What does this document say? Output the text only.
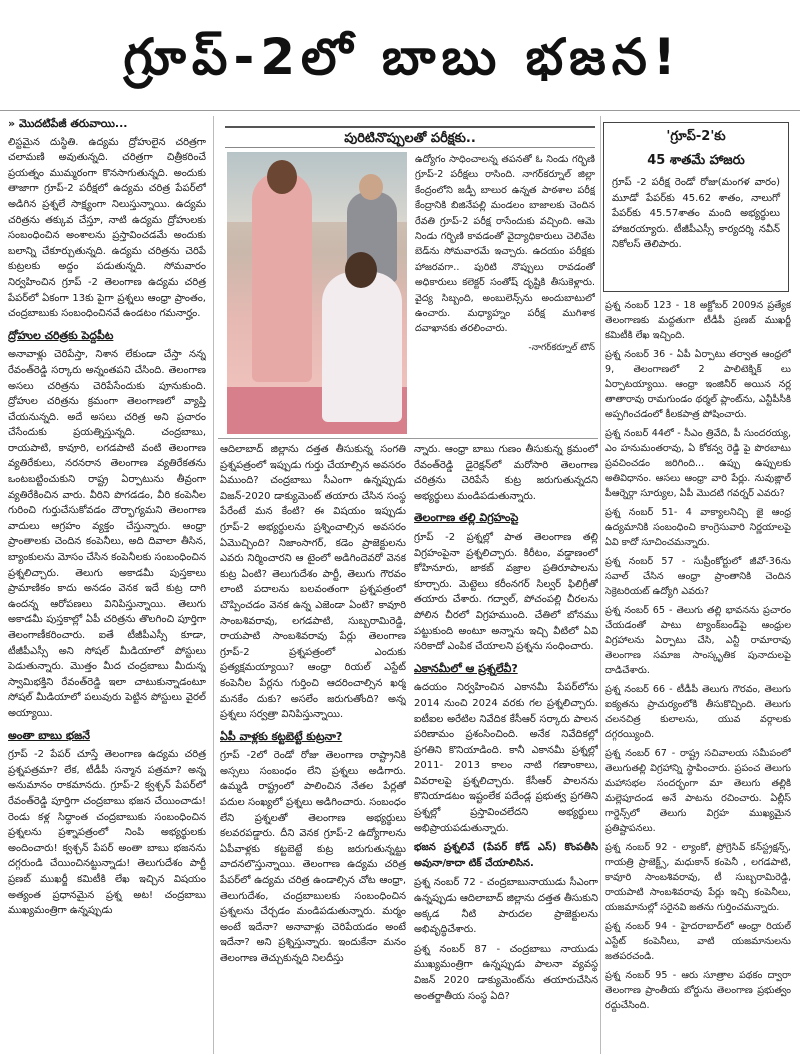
గ్రూప్-2లో బాబు భజన!
» మొదటిపేజీ తరువాయి...

లిస్టమైన దుస్థితి. ఉద్యమ ద్రోహులైన చరిత్రగా చలామణి అవుతున్నది. చరిత్రగా చిత్రీకరించే ప్రయత్నం ముమ్మరంగా కొనసాగుతున్నది. అందుకు తాజాగా గ్రూప్-2 పరీక్షలో ఉద్యమ చరిత్ర పేపర్‌లో అడిగిన ప్రశ్నలే సాక్ష్యంగా నిలుస్తున్నాయి. ఉద్యమ చరిత్రను తక్కువ చేస్తూ, నాటి ఉద్యమ ద్రోహులకు సంబంధించిన అంశాలను ప్రస్తావించడమే అందుకు బలాన్ని చేకూర్చుతున్నది. ఉద్యమ చరిత్రను చెరిపే కుట్రలకు అద్దం పడుతున్నది. సోమవారం నిర్వహించిన గ్రూప్ -2 తెలంగాణ ఉద్యమ చరిత్ర పేపర్‌లో ఏకంగా 13కు పైగా ప్రశ్నలు ఆంధ్రా ప్రాంతం, చంద్రబాబుకు సంబంధించినవే ఉండటం గమనార్హం.

ద్రోహుల చరిత్రకు పెద్దపీట

అనావాళ్లు చెరిపేస్తా, నిశాన లేకుండా చేస్తా నన్న రేవంత్‌రెడ్డి సర్కారు అన్నంతపని చేసింది. తెలంగాణ అసలు చరిత్రను చెరిపేసేందుకు పూనుకుంది. ద్రోహుల చరిత్రను క్రమంగా తెలంగాణలో వ్యాప్తి చేయనున్నది. అదే అసలు చరిత్ర అని ప్రచారం చేసేందుకు ప్రయత్నిస్తున్నది. చంద్రబాబు, రాయపాటి, కావూరి, లగడపాటి వంటి తెలంగాణ వ్యతిరేకులు, నరనరాన తెలంగాణ వ్యతిరేకతను ఒంటబట్టించుకుని రాష్ట్ర ఏర్పాటును తీవ్రంగా వ్యతిరేకించిన వారు. వీరిని పొగడడం, వీరి కంపెనీల గురించి గుర్తుచేసుకోవడం దౌర్భాగ్యమని తెలంగాణ వాదులు ఆగ్రహం వ్యక్తం చేస్తున్నారు. ఆంధ్రా ప్రాంతాలకు చెందిన కంపెనీలు, అది దివాలా తీసిన, బ్యాంకులను మోసం చేసిన కంపెనీలకు సంబంధించిన ప్రశ్నలిచ్చారు. తెలుగు అకాడమీ పుస్తకాలు ప్రామాణికం కాదు అనడం వెనక ఇదే కుట్ర దాగి ఉందన్న ఆరోపణలు వినిపిస్తున్నాయి. తెలుగు అకాడమీ పుస్తకాల్లో ఏపీ చరిత్రను తొలగించి పూర్తిగా తెలంగాణీకరించారు. ఐతే టీజీపీఎస్సీ కూడా, టీజీపీఎస్సీ అని సోషల్ మీడియాలో పోస్టులు పెడుతున్నారు. మొత్తం మీద చంద్రబాబు మీదున్న స్వామిభక్తిని రేవంత్‌రెడ్డి ఇలా చాటుకున్నాడంటూ సోషల్ మీడియాలో పలువురు పెట్టిన పోస్టులు వైరల్ అయ్యాయి.

అంతా బాబు భజనే

గ్రూప్ -2 పేపర్ చూస్తే తెలంగాణ ఉద్యమ చరిత్ర ప్రశ్నపత్రమా? లేక, టీడీపీ సన్మాన పత్రమా? అన్న అనుమానం రాకమానదు. గ్రూప్-2 క్వశ్చన్ పేపర్‌లో రేవంత్‌రెడ్డి పూర్తిగా చంద్రబాబు భజన చేయించాడు! రెండు కళ్ల సిద్ధాంత చంద్రబాబుకు సంబంధించిన ప్రశ్నలను ప్రశ్నాపత్రంలో నింపి అభ్యర్థులకు అందించారు! క్వశ్చన్ పేపర్ అంతా బాబు భజనను దగ్గరుండి చేయించినట్టున్నాడు! తెలుగుదేశం పార్టీ ప్రణబ్ ముఖర్జీ కమిటీకి లేఖ ఇచ్చిన విషయం అత్యంత ప్రధానమైన ప్రశ్న అట! చంద్రబాబు ముఖ్యమంత్రిగా ఉన్నప్పుడు

పురిటినొప్పులతో పరీక్షకు..

ఉద్యోగం సాధించాలన్న తపనతో ఓ నిండు గర్భిణి గ్రూప్-2 పరీక్షలు రాసింది. నాగర్‌కర్నూల్ జిల్లా కేంద్రంలోని జడ్పీ బాలుర ఉన్నత పాఠశాల పరీక్ష కేంద్రానికి బిజినేపల్లి మండలం బాజాలకు చెందిన రేవతి గ్రూప్-2 పరీక్ష రాసేందుకు వచ్చింది. ఆమె నిండు గర్భిణి కావడంతో వైద్యాధికారులు చెలివేట బెడ్‌ను సోమవారమే ఇచ్చారు. ఉదయం పరీక్షకు హాజరవగా.. పురిటి నొప్పులు రావడంతో అధికారులు కలెక్టర్ సంతోష్ దృష్టికి తీసుకెళ్లారు. వైద్య సిబ్బంది, అంబులెన్స్‌ను అందుబాటులో ఉంచారు. మధ్యాహ్నం పరీక్ష ముగిశాక దవాఖానకు తరలించారు.

-నాగర్‌కర్నూల్ టౌన్

ఆదిలాబాద్ జిల్లాను దత్తత తీసుకున్న సంగతి ప్రశ్నపత్రంలో ఇప్పుడు గుర్తు చేయాల్సిన అవసరం ఏముంది? చంద్రబాబు సీఎంగా ఉన్నప్పుడు విజన్-2020 డాక్యుమెంట్ తయారు చేసిన సంస్థ పేరేంటే మన కేంటి? ఈ విషయం ఇప్పుడు గ్రూప్-2 అభ్యర్థులను ప్రశ్నించాల్సిన అవసరం ఏమొచ్చింది? నిజాంసాగర్, కడెం ప్రాజెక్టులను ఎవరు నిర్మించారని ఆ టైంలో అడిగిందెవరో వెనక కుట్ర ఏంటి? తెలుగుదేశం పార్టీ, తెలుగు గౌరవం లాంటి పదాలను బలవంతంగా ప్రశ్నపత్రంలో చొప్పించడం వెనక ఉన్న ఎజెండా ఏంటి? కావూరి సాంబశివరావు, లగడపాటి, సుబ్బరామిరెడ్డి, రాయపాటి సాంబశివరావు పేర్లు తెలంగాణ గ్రూప్-2 ప్రశ్నపత్రంలో ఎందుకు ప్రత్యక్షమయ్యాయి? ఆంధ్రా రియల్ ఎస్టేట్ కంపెనీల పేర్లను గుర్తించి ఆదరించాల్సిన ఖర్మ మనకేం దుకు? అసలేం జరుగుతోంది? అన్న ప్రశ్నలు సర్వత్రా వినిపిస్తున్నాయి.

ఏపీ వాళ్లకు కట్టబెట్టే కుట్రనా?

గ్రూప్ -2లో రెండో రోజు తెలంగాణ రాష్ట్రానికి అస్సలు సంబంధం లేని ప్రశ్నలు అడిగారు. ఉమ్మడి రాష్ట్రంలో పాలించిన నేతల పేర్లతో పదుల సంఖ్యలో ప్రశ్నలు అడిగించారు. సంబంధం లేని ప్రశ్నలతో తెలంగాణ అభ్యర్థులు కలవరపడ్డారు. దీని వెనక గ్రూప్-2 ఉద్యోగాలను ఏపీవాళ్లకు కట్టబెట్టే కుట్ర జరుగుతున్నట్టు వాదనలొస్తున్నాయి. తెలంగాణ ఉద్యమ చరిత్ర పేపర్‌లో ఉద్యమ చరిత్ర ఉండాల్సిన చోట ఆంధ్రా, తెలుగుదేశం, చంద్రబాబులకు సంబంధించిన ప్రశ్నలను చేర్చడం మండిపడుతున్నారు. మర్మం అంటే ఇదేనా? అనావాళ్లు చెరిపేయడం అంటే ఇదేనా? అని ప్రశ్నిస్తున్నారు. ఇందుకేనా మనం తెలంగాణ తెచ్చుకున్నది నిలదీస్తు

న్నారు. ఆంధ్రా బాబు గుణం తీసుకున్న క్రమంలో రేవంత్‌రెడ్డి డైరెక్షన్‌లో మరోసారి తెలంగాణ చరిత్రను చెరిపేసే కుట్ర జరుగుతున్నదని అభ్యర్థులు మండిపడుతున్నారు.

తెలంగాణ తల్లి విగ్రహంపై

గ్రూప్ -2 ప్రశ్నల్లో పాత తెలంగాణ తల్లి విగ్రహంపైనా ప్రశ్నలిచ్చారు. కిరీటం, వడ్డాణంలో కోహినూరు, జాకబ్ వజ్రాల ప్రతిరూపాలను కూర్చారు. మెట్టెలు కరీంనగర్ సిల్వర్ ఫిలిగ్రీతో తయారు చేశారు. గద్వాల్, పోచంపల్లి చీరలను పోలిన చీరలో విగ్రహముంది. చేతిలో బోనము పట్టుకుంది అంటూ అన్నాను ఇచ్చి వీటిలో ఏవి సరికాదో ఎంపిక చేయాలని ప్రశ్నను సంధించారు.

ఎకానమీలో ఆ ప్రశ్నలేవీ?

ఉదయం నిర్వహించిన ఎకానమీ పేపర్‌లోను 2014 నుంచి 2024 వరకు గల ప్రశ్నలిచ్చారు. ఐటీఐల అరేటిల నివేదిక కేసీఆర్ సర్కారు పాలన పరిణామం ప్రశంసించింది. అనేక నివేదికల్లో ప్రగతిని కొనియాడింది. కానీ ఎకానమీ ప్రశ్నల్లో 2011- 2013 కాలం నాటి గణాంకాలు, వివరాలపై ప్రశ్నలిచ్చారు. కేసీఆర్ పాలనను కొనియాడటం ఇష్టంలేక పదేండ్ల ప్రభుత్వ ప్రగతిని ప్రశ్నల్లో ప్రస్తావించలేదని అభ్యర్థులు అభిప్రాయపడుతున్నారు.

భజన ప్రశ్నలివే (పేపర్ కోడ్ ఎస్) కొంపతీసి అవునా/కాదా టిక్ చేయాలిసిన.

ప్రశ్న నంబర్ 72 - చంద్రబాబునాయుడు సీఎంగా ఉన్నప్పుడు ఆదిలాబాద్ జిల్లాను దత్తత తీసుకుని అక్కడ నీటి పారుదల ప్రాజెక్టులను అభివృద్ధిచేశారు.

ప్రశ్న నంబర్ 87 - చంద్రబాబు నాయుడు ముఖ్యమంత్రిగా ఉన్నప్పుడు పాలనా వ్యవస్థ విజన్ 2020 డాక్యుమెంట్‌ను తయారుచేసిన అంతర్జాతీయ సంస్థ ఏది?

'గ్రూప్-2'కు
45 శాతమే హాజరు
గ్రూప్ -2 పరీక్ష రెండో రోజు(మంగళ వారం) మూడో పేపర్‌కు 45.62 శాతం, నాలుగో పేపర్‌కు 45.57శాతం మంది అభ్యర్థులు హాజరయ్యారు. టీజీపీఎస్సీ కార్యదర్శి నవీన్ నికోలస్ తెలిపారు.

ప్రశ్న నంబర్ 123 - 18 అక్టోబర్ 2009న ప్రత్యేక తెలంగాణకు మద్దతుగా టీడీపీ ప్రణబ్ ముఖర్జీ కమిటీకి లేఖ ఇచ్చింది.

ప్రశ్న నంబర్ 36 - ఏపీ ఏర్పాటు తర్వాత ఆంధ్రలో 9, తెలంగాణలో 2 పాలిటెక్నిక్ లు ఏర్పాటయ్యాయి. ఆంధ్రా ఇంజినీర్ అయిన నర్ల తాతారావు రామగుండం థర్మల్ ప్లాంట్‌ను, ఎన్టీపీసీకి అప్పగించడంలో కీలకపాత్ర పోషించారు.

ప్రశ్న నంబర్ 44లో - సీఎం త్రివేది, పీ సుందరయ్య, ఎం హనుమంతరావు, ఏ కోకన్వ రెడ్డి పై పొరబాటు ప్రవచించడం జరిగింది... ఉప్పు ఉప్పులకు అతివిధానం. ఆసలు ఆంధ్రా వారి పేర్లు. నువుఙ్లాల్ పీఆర్నెర్గా సూర్యుల, ఏపీ మొదటి గవర్నర్ ఎవరు?

ప్రశ్న నంబర్ 51- 4 వాక్యాలనిచ్చి జై ఆంధ్ర ఉద్యమానికి సంబంధించి కాంగ్రెసువారి నిర్ణయాలపై ఏవి కాదో సూచించమన్నారు.

ప్రశ్న నంబర్ 57 - సుప్రీంకోర్టులో జీవో-36ను సవాల్ చేసిన ఆంధ్రా ప్రాంతానికి చెందిన సెక్రెటరియట్ ఉద్యోగి ఎవరు?

ప్రశ్న నంబర్ 65 - తెలుగు తల్లి భావనను ప్రచారం చేయడంతో పాటు ట్యాంక్‌బండ్‌పై ఆంధ్రుల విగ్రహాలను ఏర్పాటు చేసి, ఎన్టీ రామారావు తెలంగాణ సమాజ సాంస్కృతిక పునాదులపై దాడిచేశారు.

ప్రశ్న నంబర్ 66 - టీడీపీ తెలుగు గౌరవం, తెలుగు ఐక్యతను ప్రాచుర్యంలోకి తీసుకొచ్చింది. తెలుగు చలనచిత్ర కులాలను, యువ వర్గాలకు దగ్గరయ్యింది.

ప్రశ్న నంబర్ 67 - రాష్ట్ర సచివాలయ సమీపంలో తెలుగుతల్లి విగ్రహాన్ని స్థాపించారు. ప్రపంచ తెలుగు మహాసభల సందర్భంగా మా తెలుగు తల్లికి మల్లెపూదండ అనే పాటను రచించారు. ఏల్లీస్ గార్డెన్స్‌లో తెలుగు విగ్రహ ముఖ్యమైన ప్రతిష్టాపనలు.

ప్రశ్న నంబర్ 92 - ల్యాంకో, ప్రోగ్రెసివ్ కన్‌స్ట్రక్షన్స్, గాయత్రి ప్రాజెక్ట్స్, మధుకాన్ కంపెనీ , లగడపాటి, కావూరి సాంబశివరావు, టీ సుబ్బరామిరెడ్డి, రాయపాటి సాంబశివరావు పేర్లు ఇచ్చి కంపెనీలు, యజమానుల్లో సరైనవి జతను గుర్తించమన్నారు.

ప్రశ్న నంబర్ 94 - హైదరాబాద్‌లో ఆంధ్రా రియల్ ఎస్టేట్ కంపెనీలు, వాటి యజమానులను జతపరచండి.

ప్రశ్న నంబర్ 95 - ఆరు సూత్రాల పథకం ద్వారా తెలంగాణ ప్రాంతీయ బోర్డును తెలంగాణ ప్రభుత్వం రద్దుచేసింది.
